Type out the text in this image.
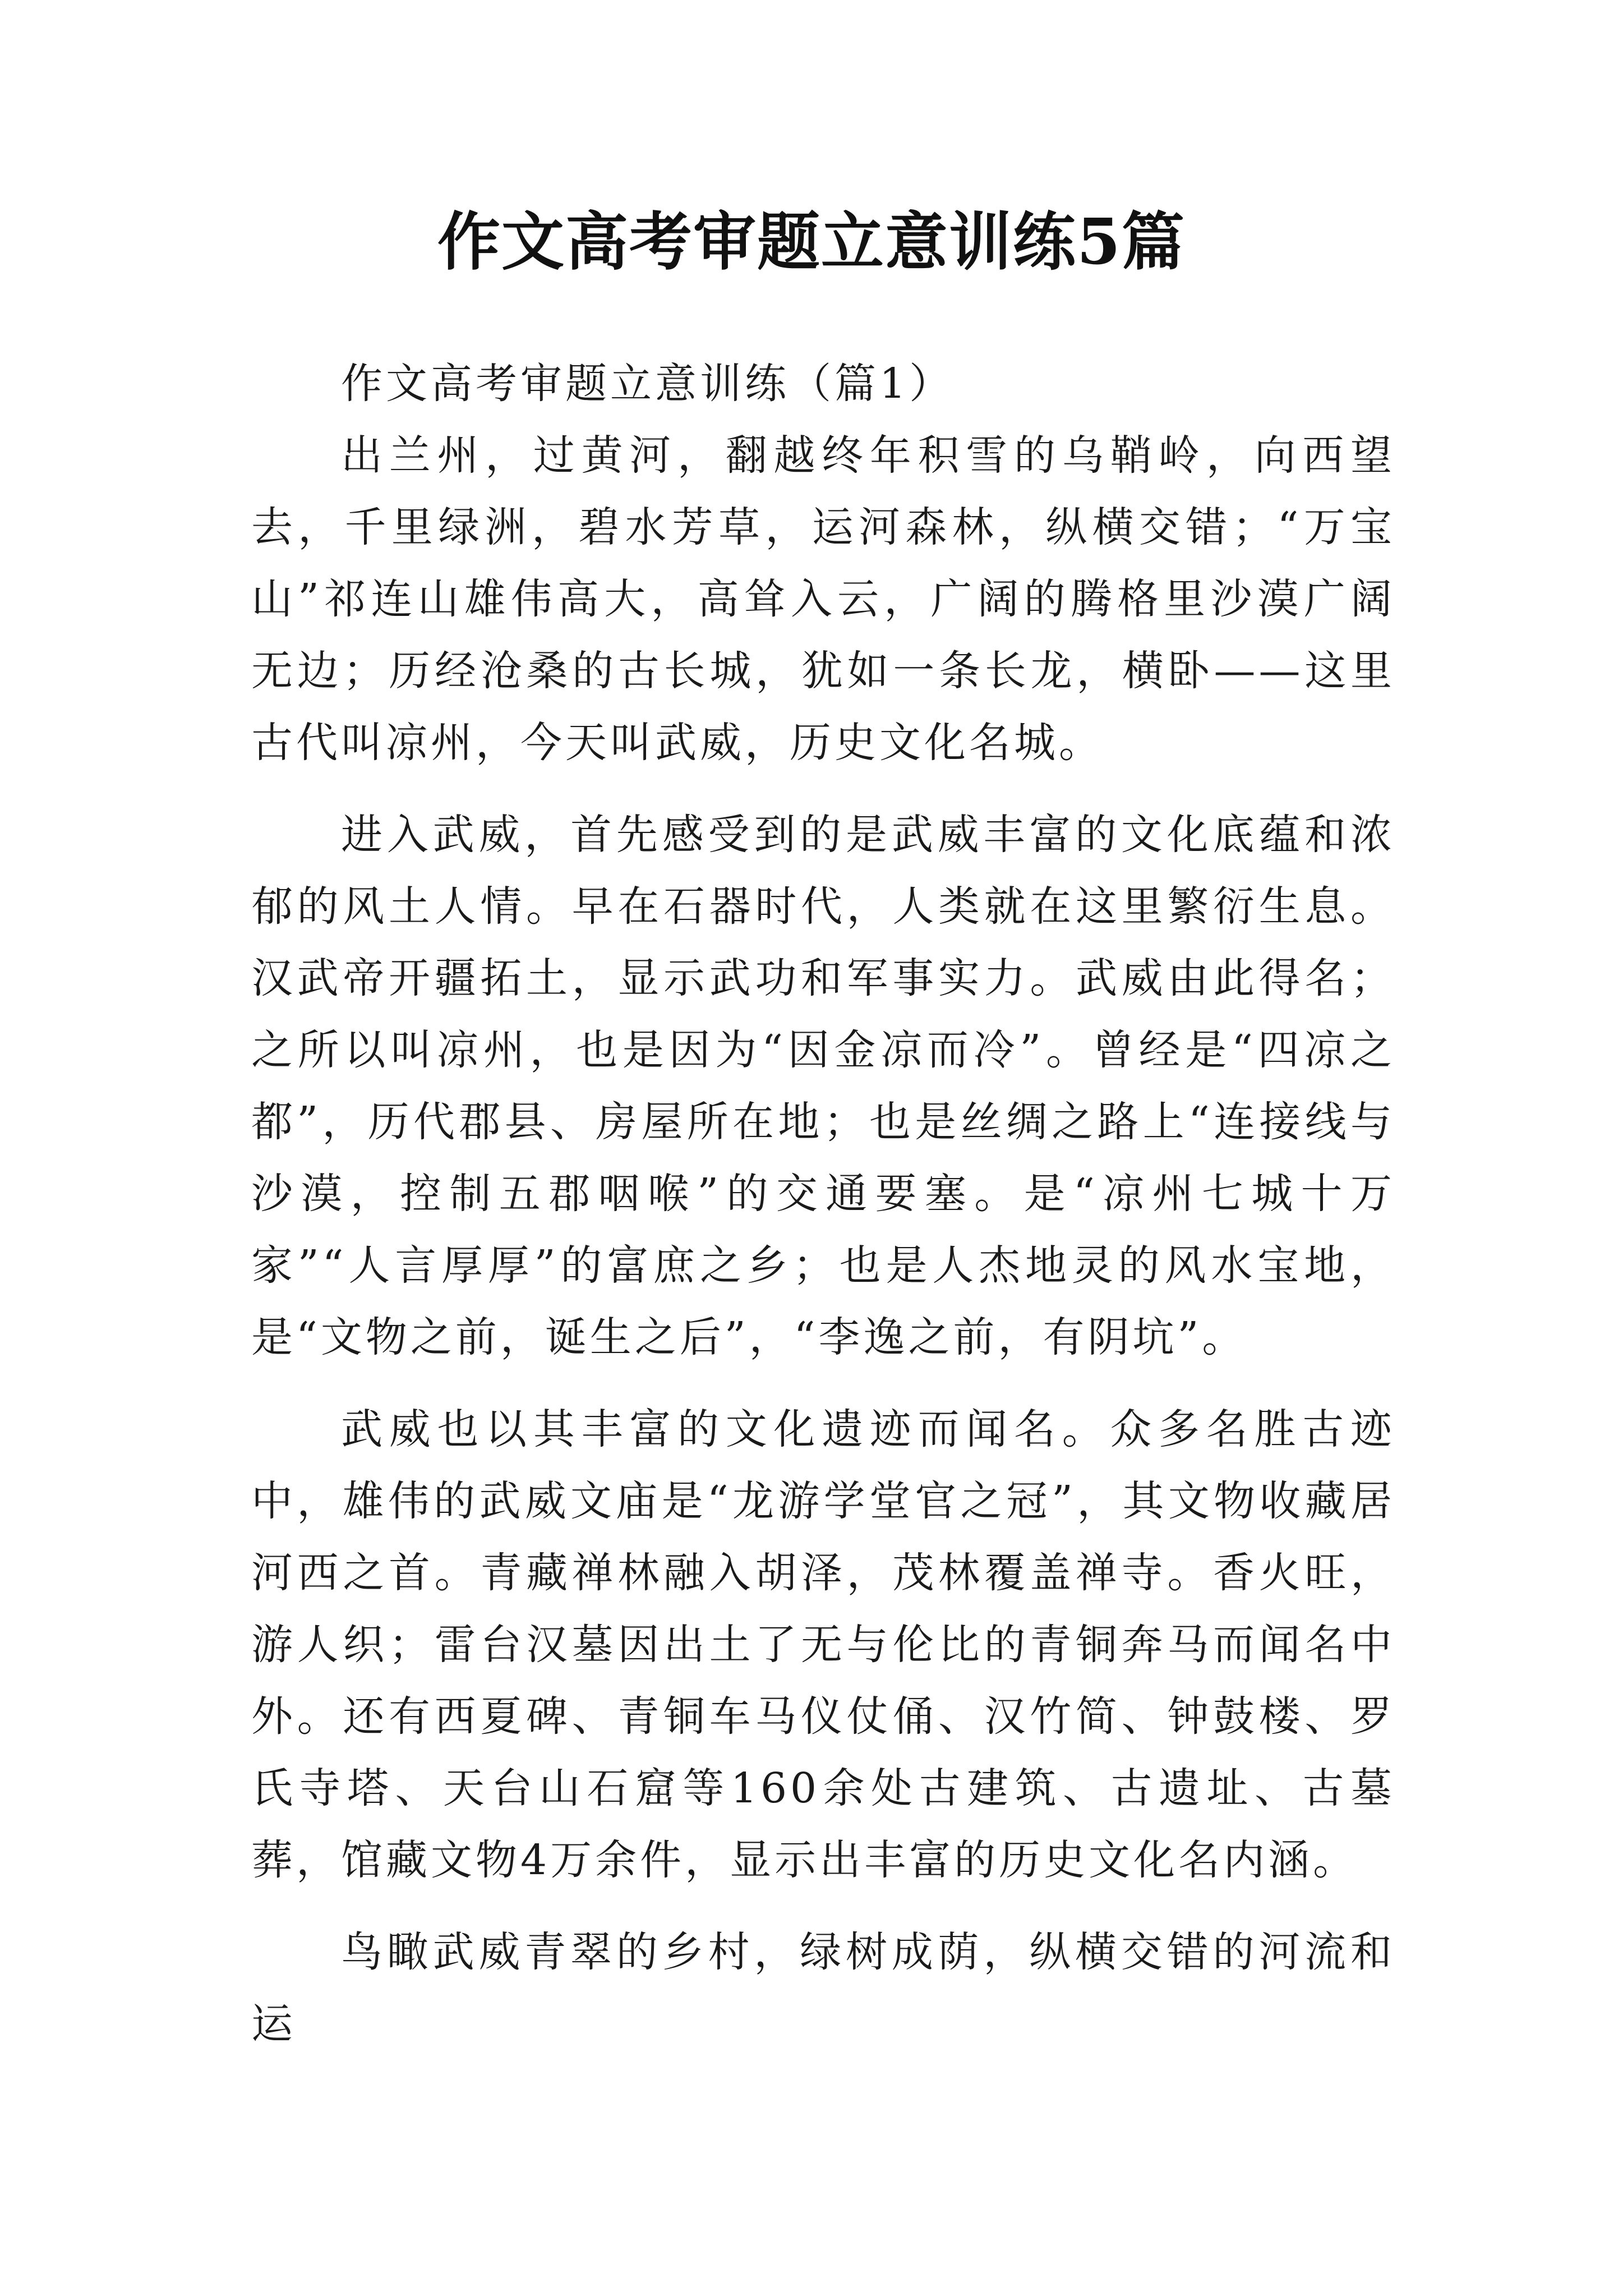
作文高考审题立意训练5篇

作文高考审题立意训练（篇1）

出兰州，过黄河，翻越终年积雪的乌鞘岭，向西望去，千里绿洲，碧水芳草，运河森林，纵横交错；“万宝山”祁连山雄伟高大，高耸入云，广阔的腾格里沙漠广阔无边；历经沧桑的古长城，犹如一条长龙，横卧——这里古代叫凉州，今天叫武威，历史文化名城。

进入武威，首先感受到的是武威丰富的文化底蕴和浓郁的风土人情。早在石器时代，人类就在这里繁衍生息。汉武帝开疆拓土，显示武功和军事实力。武威由此得名；之所以叫凉州，也是因为“因金凉而冷”。曾经是“四凉之都”，历代郡县、房屋所在地；也是丝绸之路上“连接线与沙漠，控制五郡咽喉”的交通要塞。是“凉州七城十万家”“人言厚厚”的富庶之乡；也是人杰地灵的风水宝地，是“文物之前，诞生之后”，“李逸之前，有阴坑”。

武威也以其丰富的文化遗迹而闻名。众多名胜古迹中，雄伟的武威文庙是“龙游学堂官之冠”，其文物收藏居河西之首。青藏禅林融入胡泽，茂林覆盖禅寺。香火旺，游人织；雷台汉墓因出土了无与伦比的青铜奔马而闻名中外。还有西夏碑、青铜车马仪仗俑、汉竹简、钟鼓楼、罗氏寺塔、天台山石窟等160余处古建筑、古遗址、古墓葬，馆藏文物4万余件，显示出丰富的历史文化名内涵。

鸟瞰武威青翠的乡村，绿树成荫，纵横交错的河流和运
